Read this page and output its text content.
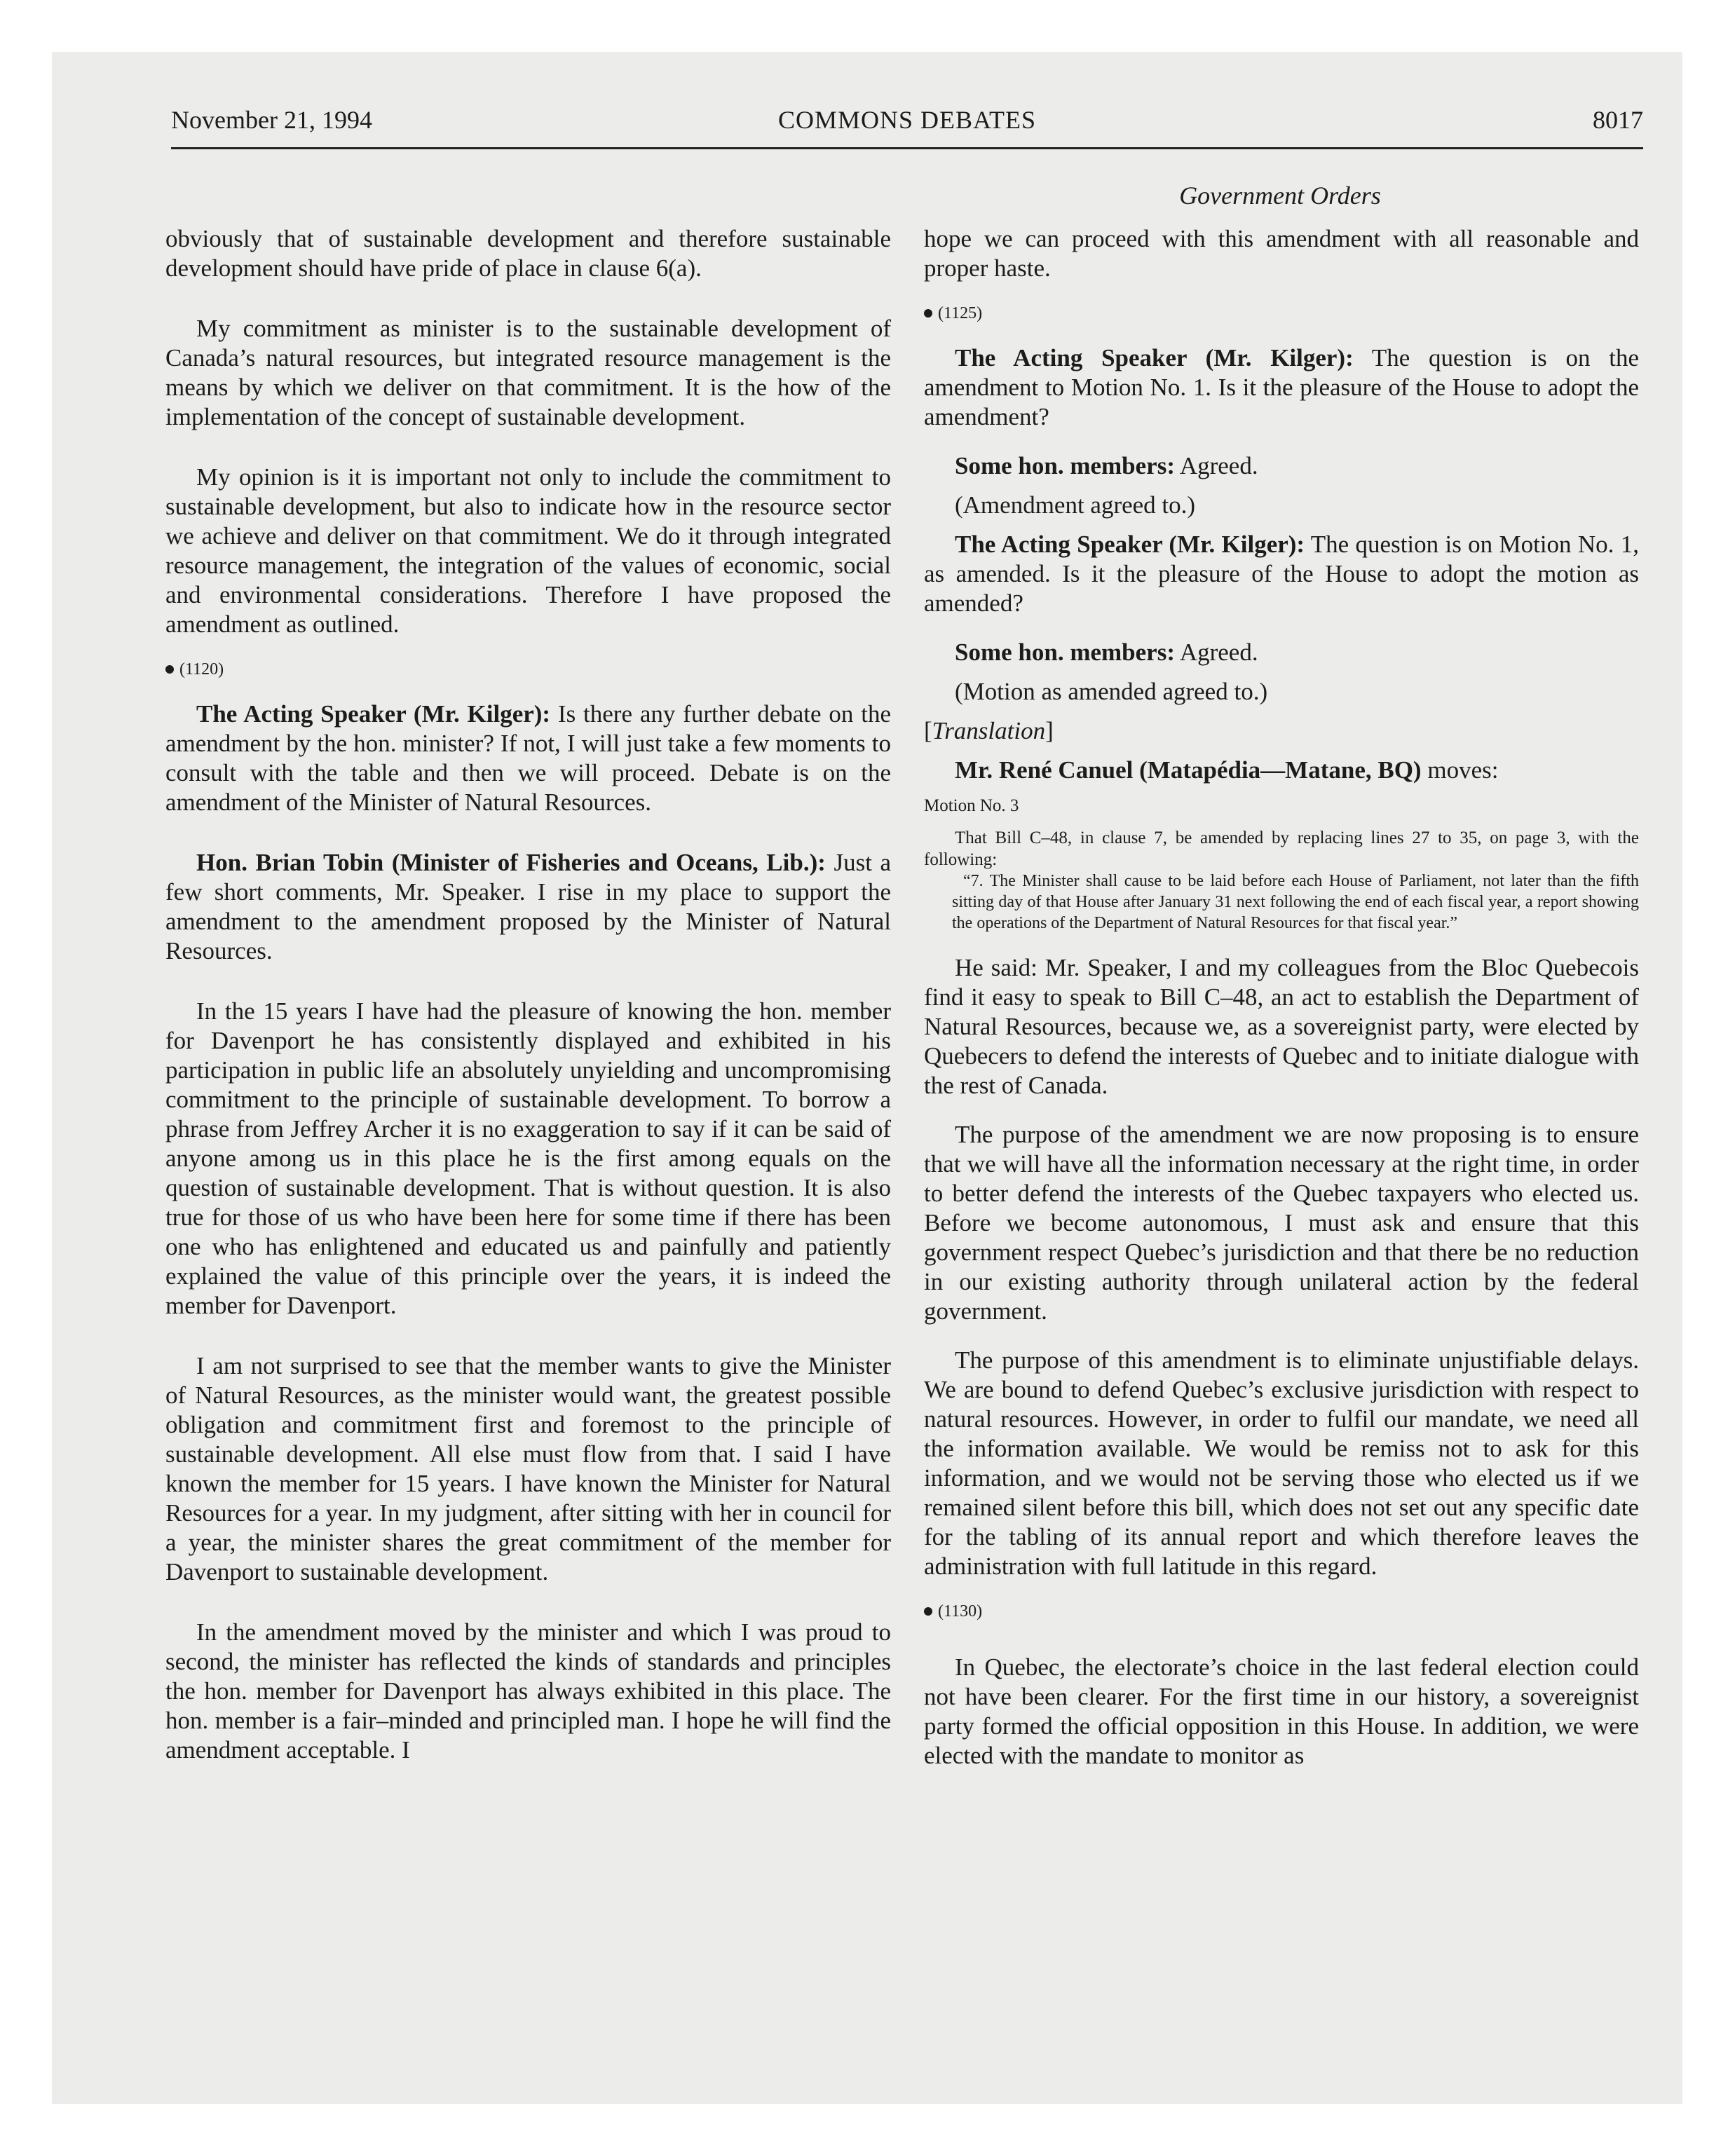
November 21, 1994	COMMONS DEBATES	8017
Government Orders

obviously that of sustainable development and therefore sustainable development should have pride of place in clause 6(a).

My commitment as minister is to the sustainable development of Canada’s natural resources, but integrated resource management is the means by which we deliver on that commitment. It is the how of the implementation of the concept of sustainable development.

My opinion is it is important not only to include the commitment to sustainable development, but also to indicate how in the resource sector we achieve and deliver on that commitment. We do it through integrated resource management, the integration of the values of economic, social and environmental considerations. Therefore I have proposed the amendment as outlined.

(1120)

The Acting Speaker (Mr. Kilger): Is there any further debate on the amendment by the hon. minister? If not, I will just take a few moments to consult with the table and then we will proceed. Debate is on the amendment of the Minister of Natural Resources.

Hon. Brian Tobin (Minister of Fisheries and Oceans, Lib.): Just a few short comments, Mr. Speaker. I rise in my place to support the amendment to the amendment proposed by the Minister of Natural Resources.

In the 15 years I have had the pleasure of knowing the hon. member for Davenport he has consistently displayed and exhibited in his participation in public life an absolutely unyielding and uncompromising commitment to the principle of sustainable development. To borrow a phrase from Jeffrey Archer it is no exaggeration to say if it can be said of anyone among us in this place he is the first among equals on the question of sustainable development. That is without question. It is also true for those of us who have been here for some time if there has been one who has enlightened and educated us and painfully and patiently explained the value of this principle over the years, it is indeed the member for Davenport.

I am not surprised to see that the member wants to give the Minister of Natural Resources, as the minister would want, the greatest possible obligation and commitment first and foremost to the principle of sustainable development. All else must flow from that. I said I have known the member for 15 years. I have known the Minister for Natural Resources for a year. In my judgment, after sitting with her in council for a year, the minister shares the great commitment of the member for Davenport to sustainable development.

In the amendment moved by the minister and which I was proud to second, the minister has reflected the kinds of standards and principles the hon. member for Davenport has always exhibited in this place. The hon. member is a fair–minded and principled man. I hope he will find the amendment acceptable. I

hope we can proceed with this amendment with all reasonable and proper haste.

(1125)

The Acting Speaker (Mr. Kilger): The question is on the amendment to Motion No. 1. Is it the pleasure of the House to adopt the amendment?

Some hon. members: Agreed.

(Amendment agreed to.)

The Acting Speaker (Mr. Kilger): The question is on Motion No. 1, as amended. Is it the pleasure of the House to adopt the motion as amended?

Some hon. members: Agreed.

(Motion as amended agreed to.)

[Translation]

Mr. René Canuel (Matapédia—Matane, BQ) moves:

Motion No. 3

That Bill C–48, in clause 7, be amended by replacing lines 27 to 35, on page 3, with the following:

“7. The Minister shall cause to be laid before each House of Parliament, not later than the fifth sitting day of that House after January 31 next following the end of each fiscal year, a report showing the operations of the Department of Natural Resources for that fiscal year.”

He said: Mr. Speaker, I and my colleagues from the Bloc Quebecois find it easy to speak to Bill C–48, an act to establish the Department of Natural Resources, because we, as a sovereignist party, were elected by Quebecers to defend the interests of Quebec and to initiate dialogue with the rest of Canada.

The purpose of the amendment we are now proposing is to ensure that we will have all the information necessary at the right time, in order to better defend the interests of the Quebec taxpayers who elected us. Before we become autonomous, I must ask and ensure that this government respect Quebec’s jurisdiction and that there be no reduction in our existing authority through unilateral action by the federal government.

The purpose of this amendment is to eliminate unjustifiable delays. We are bound to defend Quebec’s exclusive jurisdiction with respect to natural resources. However, in order to fulfil our mandate, we need all the information available. We would be remiss not to ask for this information, and we would not be serving those who elected us if we remained silent before this bill, which does not set out any specific date for the tabling of its annual report and which therefore leaves the administration with full latitude in this regard.

(1130)

In Quebec, the electorate’s choice in the last federal election could not have been clearer. For the first time in our history, a sovereignist party formed the official opposition in this House. In addition, we were elected with the mandate to monitor as
